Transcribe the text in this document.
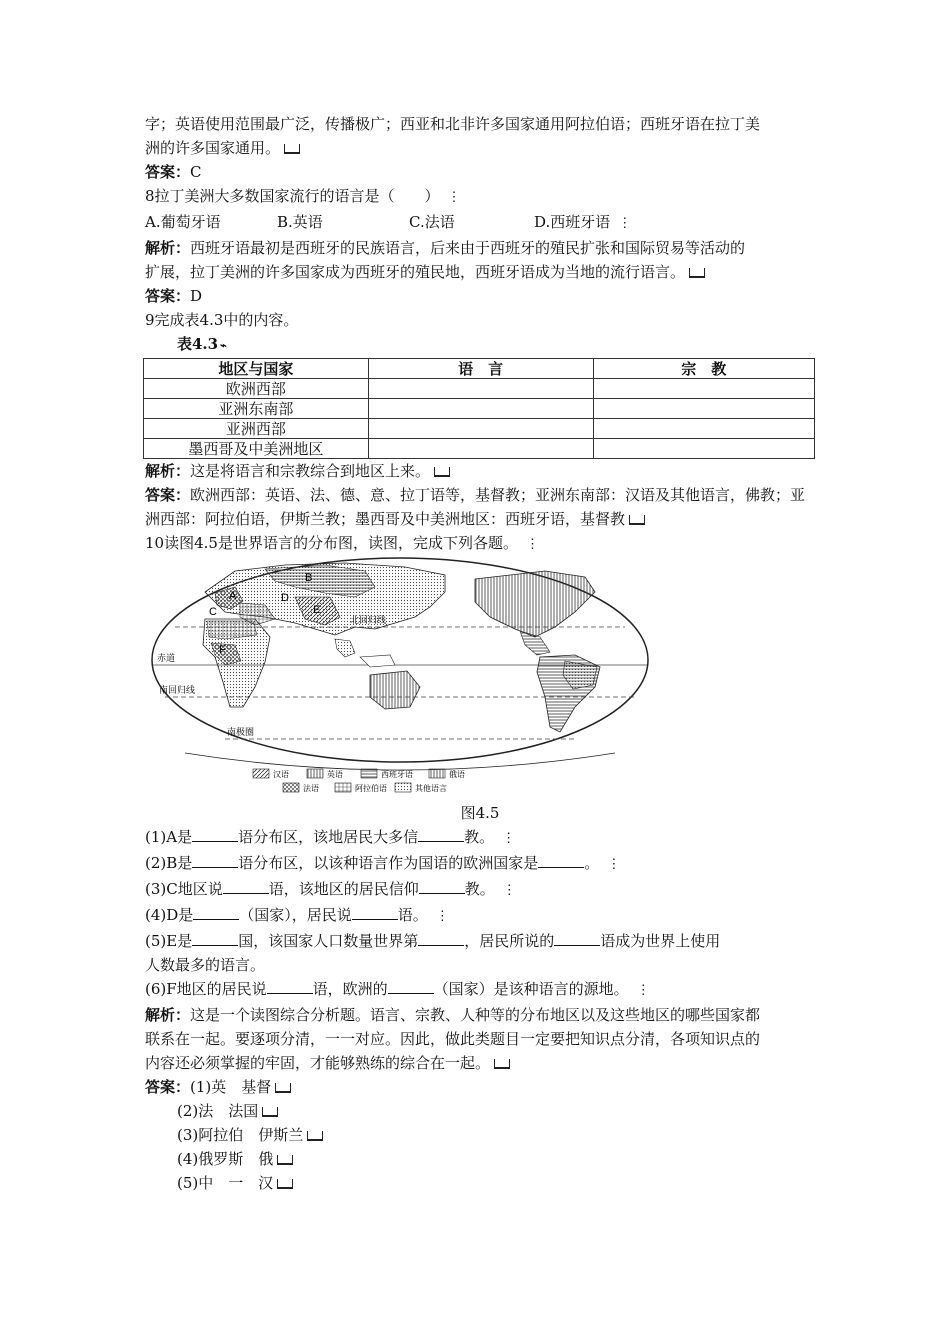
字；英语使用范围最广泛，传播极广；西亚和北非许多国家通用阿拉伯语；西班牙语在拉丁美
洲的许多国家通用。
答案：C
8拉丁美洲大多数国家流行的语言是（　　） ⋮
A.葡萄牙语	B.英语	C.法语	D.西班牙语 ⋮
解析：西班牙语最初是西班牙的民族语言，后来由于西班牙的殖民扩张和国际贸易等活动的
扩展，拉丁美洲的许多国家成为西班牙的殖民地，西班牙语成为当地的流行语言。
答案：D
9完成表4.3中的内容。
表4.3 ⌁
地区与国家	语　言	宗　教
欧洲西部		
亚洲东南部		
亚洲西部		
墨西哥及中美洲地区		
解析：这是将语言和宗教综合到地区上来。
答案：欧洲西部：英语、法、德、意、拉丁语等，基督教；亚洲东南部：汉语及其他语言，佛教；亚
洲西部：阿拉伯语，伊斯兰教；墨西哥及中美洲地区：西班牙语，基督教
10读图4.5是世界语言的分布图，读图，完成下列各题。 ⋮
A
B
C
D
E
F
北回归线
赤道
南回归线
南极圈
汉语	英语	西班牙语	俄语
法语	阿拉伯语	其他语言
图4.5
(1)A是	语分布区，该地居民大多信	教。 ⋮
(2)B是	语分布区，以该种语言作为国语的欧洲国家是	。 ⋮
(3)C地区说	语，该地区的居民信仰	教。 ⋮
(4)D是	（国家），居民说	语。 ⋮
(5)E是	国，该国家人口数量世界第	，居民所说的	语成为世界上使用
人数最多的语言。
(6)F地区的居民说	语，欧洲的	（国家）是该种语言的源地。 ⋮
解析：这是一个读图综合分析题。语言、宗教、人种等的分布地区以及这些地区的哪些国家都
联系在一起。要逐项分清，一一对应。因此，做此类题目一定要把知识点分清，各项知识点的
内容还必须掌握的牢固，才能够熟练的综合在一起。
答案：(1)英　基督
(2)法　法国
(3)阿拉伯　伊斯兰
(4)俄罗斯　俄
(5)中　一　汉
